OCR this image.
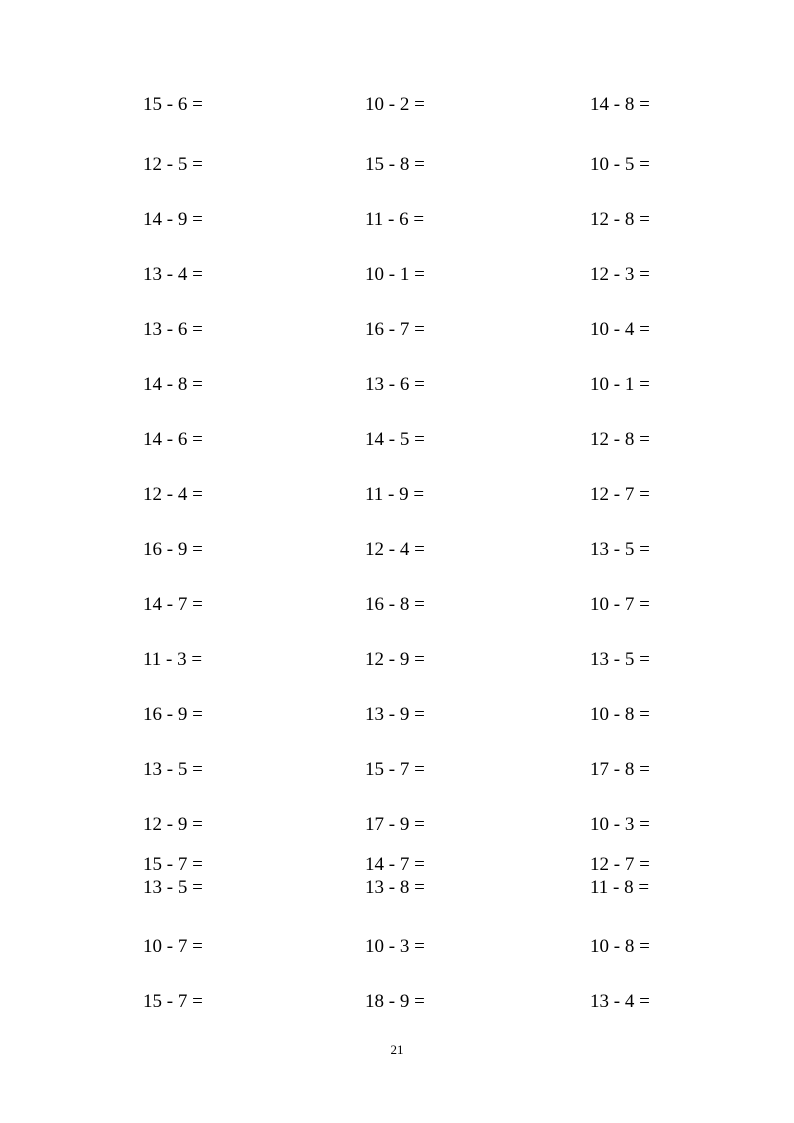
15 - 6 =	10 - 2 =	14 - 8 =
12 - 5 =	15 - 8 =	10 - 5 =
14 - 9 =	11 - 6 =	12 - 8 =
13 - 4 =	10 - 1 =	12 - 3 =
13 - 6 =	16 - 7 =	10 - 4 =
14 - 8 =	13 - 6 =	10 - 1 =
14 - 6 =	14 - 5 =	12 - 8 =
12 - 4 =	11 - 9 =	12 - 7 =
16 - 9 =	12 - 4 =	13 - 5 =
14 - 7 =	16 - 8 =	10 - 7 =
11 - 3 =	12 - 9 =	13 - 5 =
16 - 9 =	13 - 9 =	10 - 8 =
13 - 5 =	15 - 7 =	17 - 8 =
12 - 9 =	17 - 9 =	10 - 3 =
15 - 7 =	14 - 7 =	12 - 7 =
13 - 5 =	13 - 8 =	11 - 8 =
10 - 7 =	10 - 3 =	10 - 8 =
15 - 7 =	18 - 9 =	13 - 4 =
21
